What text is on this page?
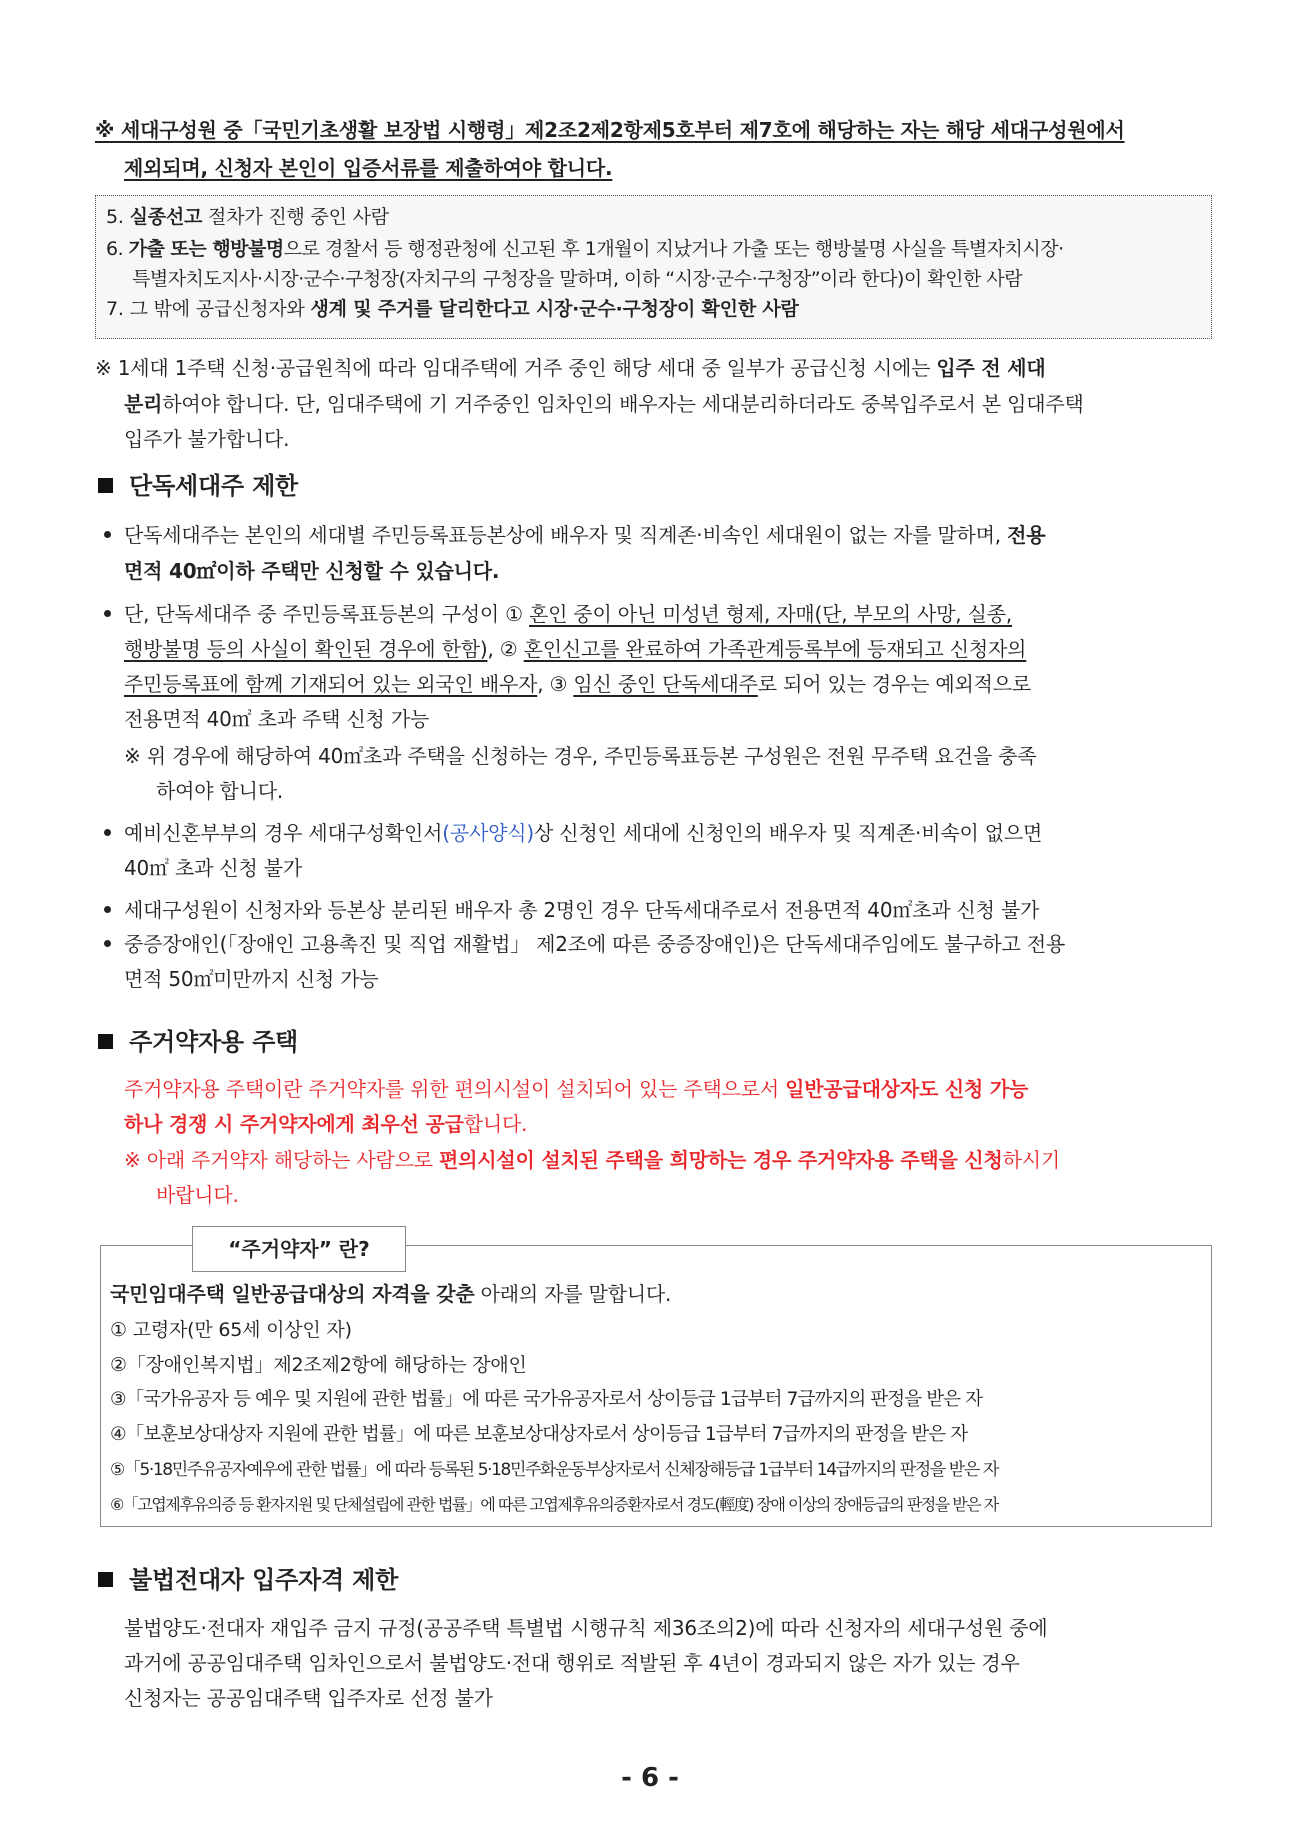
※ 세대구성원 중「국민기초생활 보장법 시행령」제2조2제2항제5호부터 제7호에 해당하는 자는 해당 세대구성원에서
제외되며, 신청자 본인이 입증서류를 제출하여야 합니다.
5. 실종선고 절차가 진행 중인 사람
6. 가출 또는 행방불명으로 경찰서 등 행정관청에 신고된 후 1개월이 지났거나 가출 또는 행방불명 사실을 특별자치시장·
특별자치도지사·시장·군수·구청장(자치구의 구청장을 말하며, 이하 “시장·군수·구청장”이라 한다)이 확인한 사람
7. 그 밖에 공급신청자와 생계 및 주거를 달리한다고 시장·군수·구청장이 확인한 사람
※ 1세대 1주택 신청·공급원칙에 따라 임대주택에 거주 중인 해당 세대 중 일부가 공급신청 시에는 입주 전 세대
분리하여야 합니다. 단, 임대주택에 기 거주중인 임차인의 배우자는 세대분리하더라도 중복입주로서 본 임대주택
입주가 불가합니다.
단독세대주 제한
단독세대주는 본인의 세대별 주민등록표등본상에 배우자 및 직계존·비속인 세대원이 없는 자를 말하며, 전용
면적 40㎡이하 주택만 신청할 수 있습니다.
단, 단독세대주 중 주민등록표등본의 구성이 ① 혼인 중이 아닌 미성년 형제, 자매(단, 부모의 사망, 실종,
행방불명 등의 사실이 확인된 경우에 한함), ② 혼인신고를 완료하여 가족관계등록부에 등재되고 신청자의
주민등록표에 함께 기재되어 있는 외국인 배우자, ③ 임신 중인 단독세대주로 되어 있는 경우는 예외적으로
전용면적 40㎡ 초과 주택 신청 가능
※ 위 경우에 해당하여 40㎡초과 주택을 신청하는 경우, 주민등록표등본 구성원은 전원 무주택 요건을 충족
하여야 합니다.
예비신혼부부의 경우 세대구성확인서(공사양식)상 신청인 세대에 신청인의 배우자 및 직계존·비속이 없으면
40㎡ 초과 신청 불가
세대구성원이 신청자와 등본상 분리된 배우자 총 2명인 경우 단독세대주로서 전용면적 40㎡초과 신청 불가
중증장애인(「장애인 고용촉진 및 직업 재활법」 제2조에 따른 중증장애인)은 단독세대주임에도 불구하고 전용
면적 50㎡미만까지 신청 가능
주거약자용 주택
주거약자용 주택이란 주거약자를 위한 편의시설이 설치되어 있는 주택으로서 일반공급대상자도 신청 가능
하나 경쟁 시 주거약자에게 최우선 공급합니다.
※ 아래 주거약자 해당하는 사람으로 편의시설이 설치된 주택을 희망하는 경우 주거약자용 주택을 신청하시기
바랍니다.
“주거약자” 란?
국민임대주택 일반공급대상의 자격을 갖춘 아래의 자를 말합니다.
① 고령자(만 65세 이상인 자)
②「장애인복지법」제2조제2항에 해당하는 장애인
③「국가유공자 등 예우 및 지원에 관한 법률」에 따른 국가유공자로서 상이등급 1급부터 7급까지의 판정을 받은 자
④「보훈보상대상자 지원에 관한 법률」에 따른 보훈보상대상자로서 상이등급 1급부터 7급까지의 판정을 받은 자
⑤「5·18민주유공자예우에 관한 법률」에 따라 등록된 5·18민주화운동부상자로서 신체장해등급 1급부터 14급까지의 판정을 받은 자
⑥「고엽제후유의증 등 환자지원 및 단체설립에 관한 법률」에 따른 고엽제후유의증환자로서 경도(輕度) 장애 이상의 장애등급의 판정을 받은 자
불법전대자 입주자격 제한
불법양도·전대자 재입주 금지 규정(공공주택 특별법 시행규칙 제36조의2)에 따라 신청자의 세대구성원 중에
과거에 공공임대주택 임차인으로서 불법양도·전대 행위로 적발된 후 4년이 경과되지 않은 자가 있는 경우
신청자는 공공임대주택 입주자로 선정 불가
- 6 -
